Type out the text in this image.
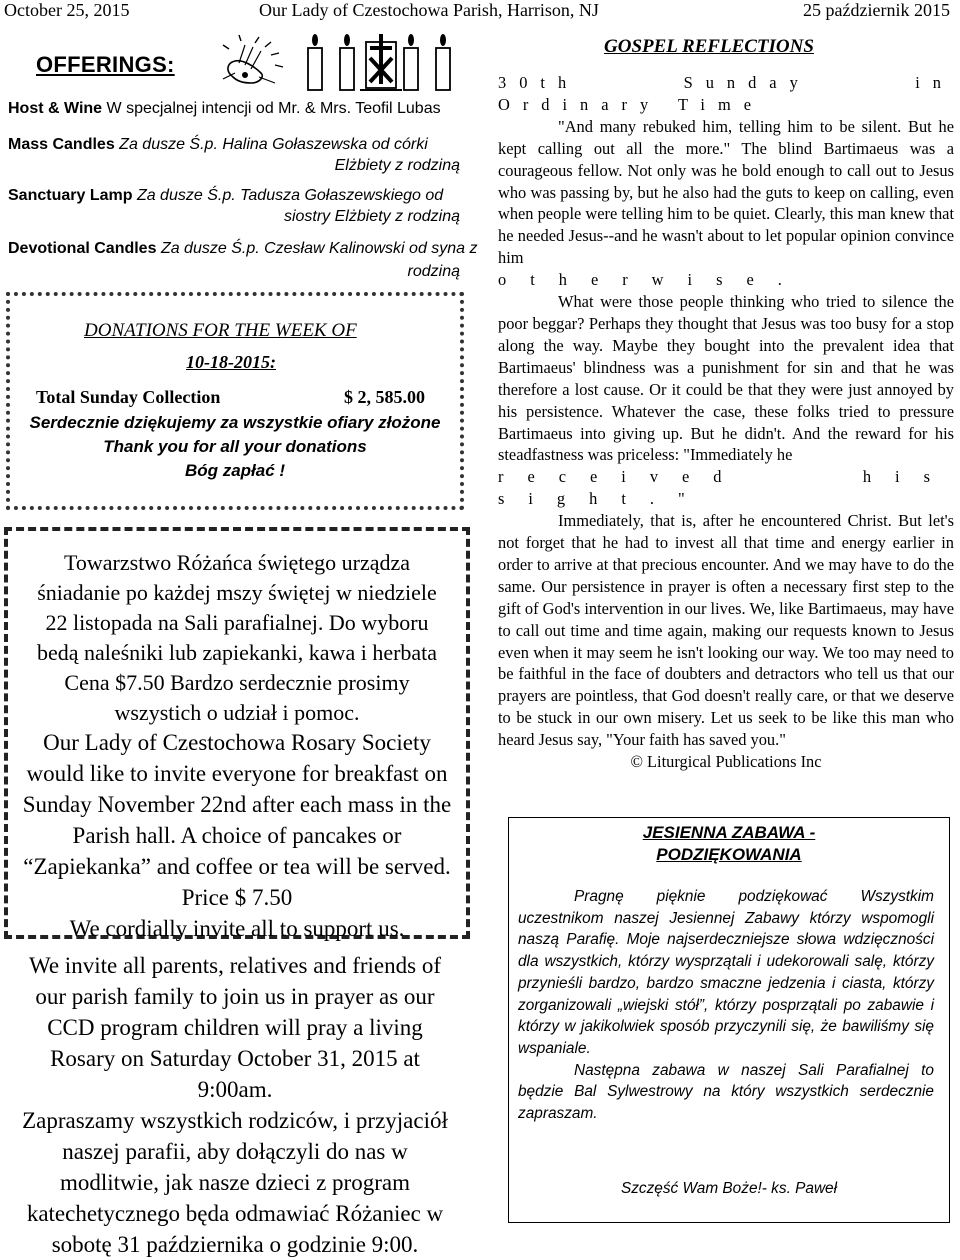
October 25, 2015	Our Lady of Czestochowa Parish, Harrison, NJ	25 październik 2015
OFFERINGS:
Host & Wine W specjalnej intencji od Mr. & Mrs. Teofil Lubas
Mass Candles Za dusze Ś.p. Halina Gołaszewska od córki
Elżbiety z rodziną
Sanctuary Lamp Za dusze Ś.p. Tadusza Gołaszewskiego od
siostry Elżbiety z rodziną
Devotional Candles Za dusze Ś.p. Czesław Kalinowski od syna z
rodziną
DONATIONS FOR THE WEEK OF
10-18-2015:
Total Sunday Collection	$ 2, 585.00
Serdecznie dziękujemy za wszystkie ofiary złożone
Thank you for all your donations
Bóg zapłać !
Towarzstwo Różańca świętego urządza
śniadanie po każdej mszy świętej w niedziele
22 listopada na Sali parafialnej. Do wyboru
bedą naleśniki lub zapiekanki, kawa i herbata
Cena $7.50 Bardzo serdecznie prosimy
wszystich o udział i pomoc.
Our Lady of Czestochowa Rosary Society
would like to invite everyone for breakfast on
Sunday November 22nd after each mass in the
Parish hall. A choice of pancakes or
“Zapiekanka” and coffee or tea will be served.
Price $ 7.50
We cordially invite all to support us.
We invite all parents, relatives and friends of
our parish family to join us in prayer as our
CCD program children will pray a living
Rosary on Saturday October 31, 2015 at
9:00am.
Zapraszamy wszystkich rodziców, i przyjaciół
naszej parafii, aby dołączyli do nas w
modlitwie, jak nasze dzieci z program
katechetycznego będa odmawiać Różaniec w
sobotę 31 października o godzinie 9:00.
GOSPEL REFLECTIONS

30th Sunday in Ordinary Time

"And many rebuked him, telling him to be silent. But he kept calling out all the more." The blind Bartimaeus was a courageous fellow. Not only was he bold enough to call out to Jesus who was passing by, but he also had the guts to keep on calling, even when people were telling him to be quiet. Clearly, this man knew that he needed Jesus--and he wasn't about to let popular opinion convince him

otherwise.

What were those people thinking who tried to silence the poor beggar? Perhaps they thought that Jesus was too busy for a stop along the way. Maybe they bought into the prevalent idea that Bartimaeus' blindness was a punishment for sin and that he was therefore a lost cause. Or it could be that they were just annoyed by his persistence. Whatever the case, these folks tried to pressure Bartimaeus into giving up. But he didn't. And the reward for his steadfastness was priceless: "Immediately he

received his sight."

Immediately, that is, after he encountered Christ. But let's not forget that he had to invest all that time and energy earlier in order to arrive at that precious encounter. And we may have to do the same. Our persistence in prayer is often a necessary first step to the gift of God's intervention in our lives. We, like Bartimaeus, may have to call out time and time again, making our requests known to Jesus even when it may seem he isn't looking our way. We too may need to be faithful in the face of doubters and detractors who tell us that our prayers are pointless, that God doesn't really care, or that we deserve to be stuck in our own misery. Let us seek to be like this man who heard Jesus say, "Your faith has saved you."

© Liturgical Publications Inc

JESIENNA ZABAWA -
PODZIĘKOWANIA

Pragnę pięknie podziękować Wszystkim uczestnikom naszej Jesiennej Zabawy którzy wspomogli naszą Parafię. Moje najserdeczniejsze słowa wdzięczności dla wszystkich, którzy wysprzątali i udekorowali salę, którzy przynieśli bardzo, bardzo smaczne jedzenia i ciasta, którzy zorganizowali „wiejski stół”, którzy posprzątali po zabawie i którzy w jakikolwiek sposób przyczynili się, że bawiliśmy się wspaniale.

Następna zabawa w naszej Sali Parafialnej to będzie Bal Sylwestrowy na który wszystkich serdecznie zapraszam.

Szczęść Wam Boże!- ks. Paweł
